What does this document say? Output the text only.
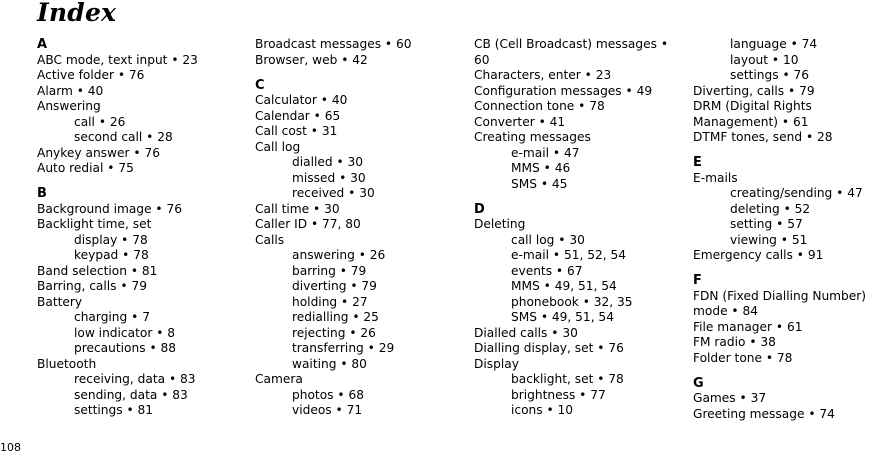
Index
A
ABC mode, text input • 23
Active folder • 76
Alarm • 40
Answering
call • 26
second call • 28
Anykey answer • 76
Auto redial • 75
B
Background image • 76
Backlight time, set
display • 78
keypad • 78
Band selection • 81
Barring, calls • 79
Battery
charging • 7
low indicator • 8
precautions • 88
Bluetooth
receiving, data • 83
sending, data • 83
settings • 81
Broadcast messages • 60
Browser, web • 42
C
Calculator • 40
Calendar • 65
Call cost • 31
Call log
dialled • 30
missed • 30
received • 30
Call time • 30
Caller ID • 77, 80
Calls
answering • 26
barring • 79
diverting • 79
holding • 27
redialling • 25
rejecting • 26
transferring • 29
waiting • 80
Camera
photos • 68
videos • 71
CB (Cell Broadcast) messages •
60
Characters, enter • 23
Configuration messages • 49
Connection tone • 78
Converter • 41
Creating messages
e-mail • 47
MMS • 46
SMS • 45
D
Deleting
call log • 30
e-mail • 51, 52, 54
events • 67
MMS • 49, 51, 54
phonebook • 32, 35
SMS • 49, 51, 54
Dialled calls • 30
Dialling display, set • 76
Display
backlight, set • 78
brightness • 77
icons • 10
language • 74
layout • 10
settings • 76
Diverting, calls • 79
DRM (Digital Rights
Management) • 61
DTMF tones, send • 28
E
E-mails
creating/sending • 47
deleting • 52
setting • 57
viewing • 51
Emergency calls • 91
F
FDN (Fixed Dialling Number)
mode • 84
File manager • 61
FM radio • 38
Folder tone • 78
G
Games • 37
Greeting message • 74
108
